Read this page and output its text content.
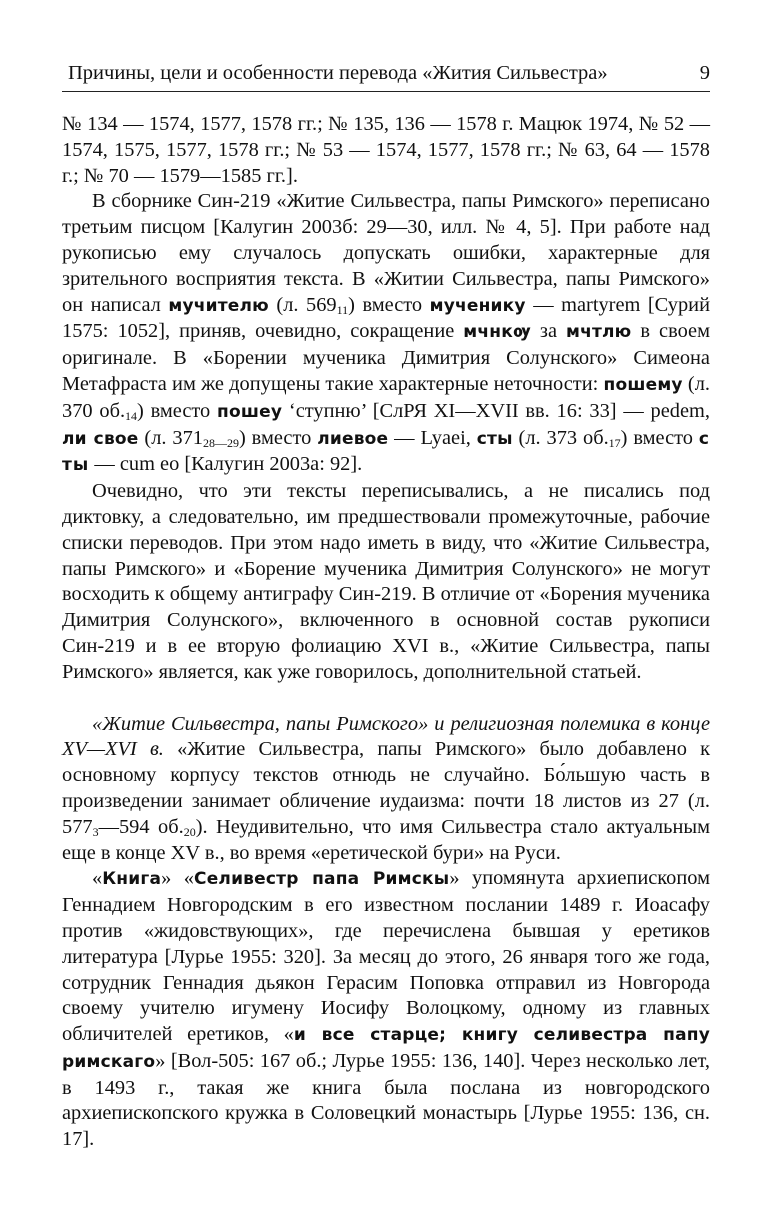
Причины, цели и особенности перевода «Жития Сильвестра»	9

№ 134 — 1574, 1577, 1578 гг.; № 135, 136 — 1578 г. Мацюк 1974, № 52 — 1574, 1575, 1577, 1578 гг.; № 53 — 1574, 1577, 1578 гг.; № 63, 64 — 1578 г.; № 70 — 1579—1585 гг.].

В сборнике Син-219 «Житие Сильвестра, папы Римского» переписано третьим писцом [Калугин 2003б: 29—30, илл. № 4, 5]. При работе над рукописью ему случалось допускать ошибки, характерные для зрительного восприятия текста. В «Житии Сильвестра, папы Римского» он написал мучителю (л. $569_{11}$) вместо мученику — martyrem [Сурий 1575: 1052], приняв, очевидно, сокращение мчнкѹ за мчтлю в своем оригинале. В «Борении мученика Димитрия Солунского» Симеона Метафраста им же допущены такие характерные неточности: пошему (л. 370 $об._{14}$) вместо пошеу ‘ступню’ [СлРЯ XI—XVII вв. 16: 33] — pedem, ли свое (л. $371_{28—29}$) вместо лиевое — Lyaei, сты (л. 373 $об._{17}$) вместо с ты — cum eo [Калугин 2003а: 92].

Очевидно, что эти тексты переписывались, а не писались под диктовку, а следовательно, им предшествовали промежуточные, рабочие списки переводов. При этом надо иметь в виду, что «Житие Сильвестра, папы Римского» и «Борение мученика Димитрия Солунского» не могут восходить к общему антиграфу Син-219. В отличие от «Борения мученика Димитрия Солунского», включенного в основной состав рукописи Син-219 и в ее вторую фолиацию XVI в., «Житие Сильвестра, папы Римского» является, как уже говорилось, дополнительной статьей.

«Житие Сильвестра, папы Римского» и религиозная полемика в конце XV—XVI в. «Житие Сильвестра, папы Римского» было добавлено к основному корпусу текстов отнюдь не случайно. Бо́льшую часть в произведении занимает обличение иудаизма: почти 18 листов из 27 (л. $577_3—594$ $об._{20}$). Неудивительно, что имя Сильвестра стало актуальным еще в конце XV в., во время «еретической бури» на Руси.

«Книга» «Селивестр папа Римскы» упомянута архиепископом Геннадием Новгородским в его известном послании 1489 г. Иоасафу против «жидовствующих», где перечислена бывшая у еретиков литература [Лурье 1955: 320]. За месяц до этого, 26 января того же года, сотрудник Геннадия дьякон Герасим Поповка отправил из Новгорода своему учителю игумену Иосифу Волоцкому, одному из главных обличителей еретиков, «и все старце; книгу селивестра папу римскаго» [Вол-505: 167 об.; Лурье 1955: 136, 140]. Через несколько лет, в 1493 г., такая же книга была послана из новгородского архиепископского кружка в Соловецкий монастырь [Лурье 1955: 136, сн. 17].
